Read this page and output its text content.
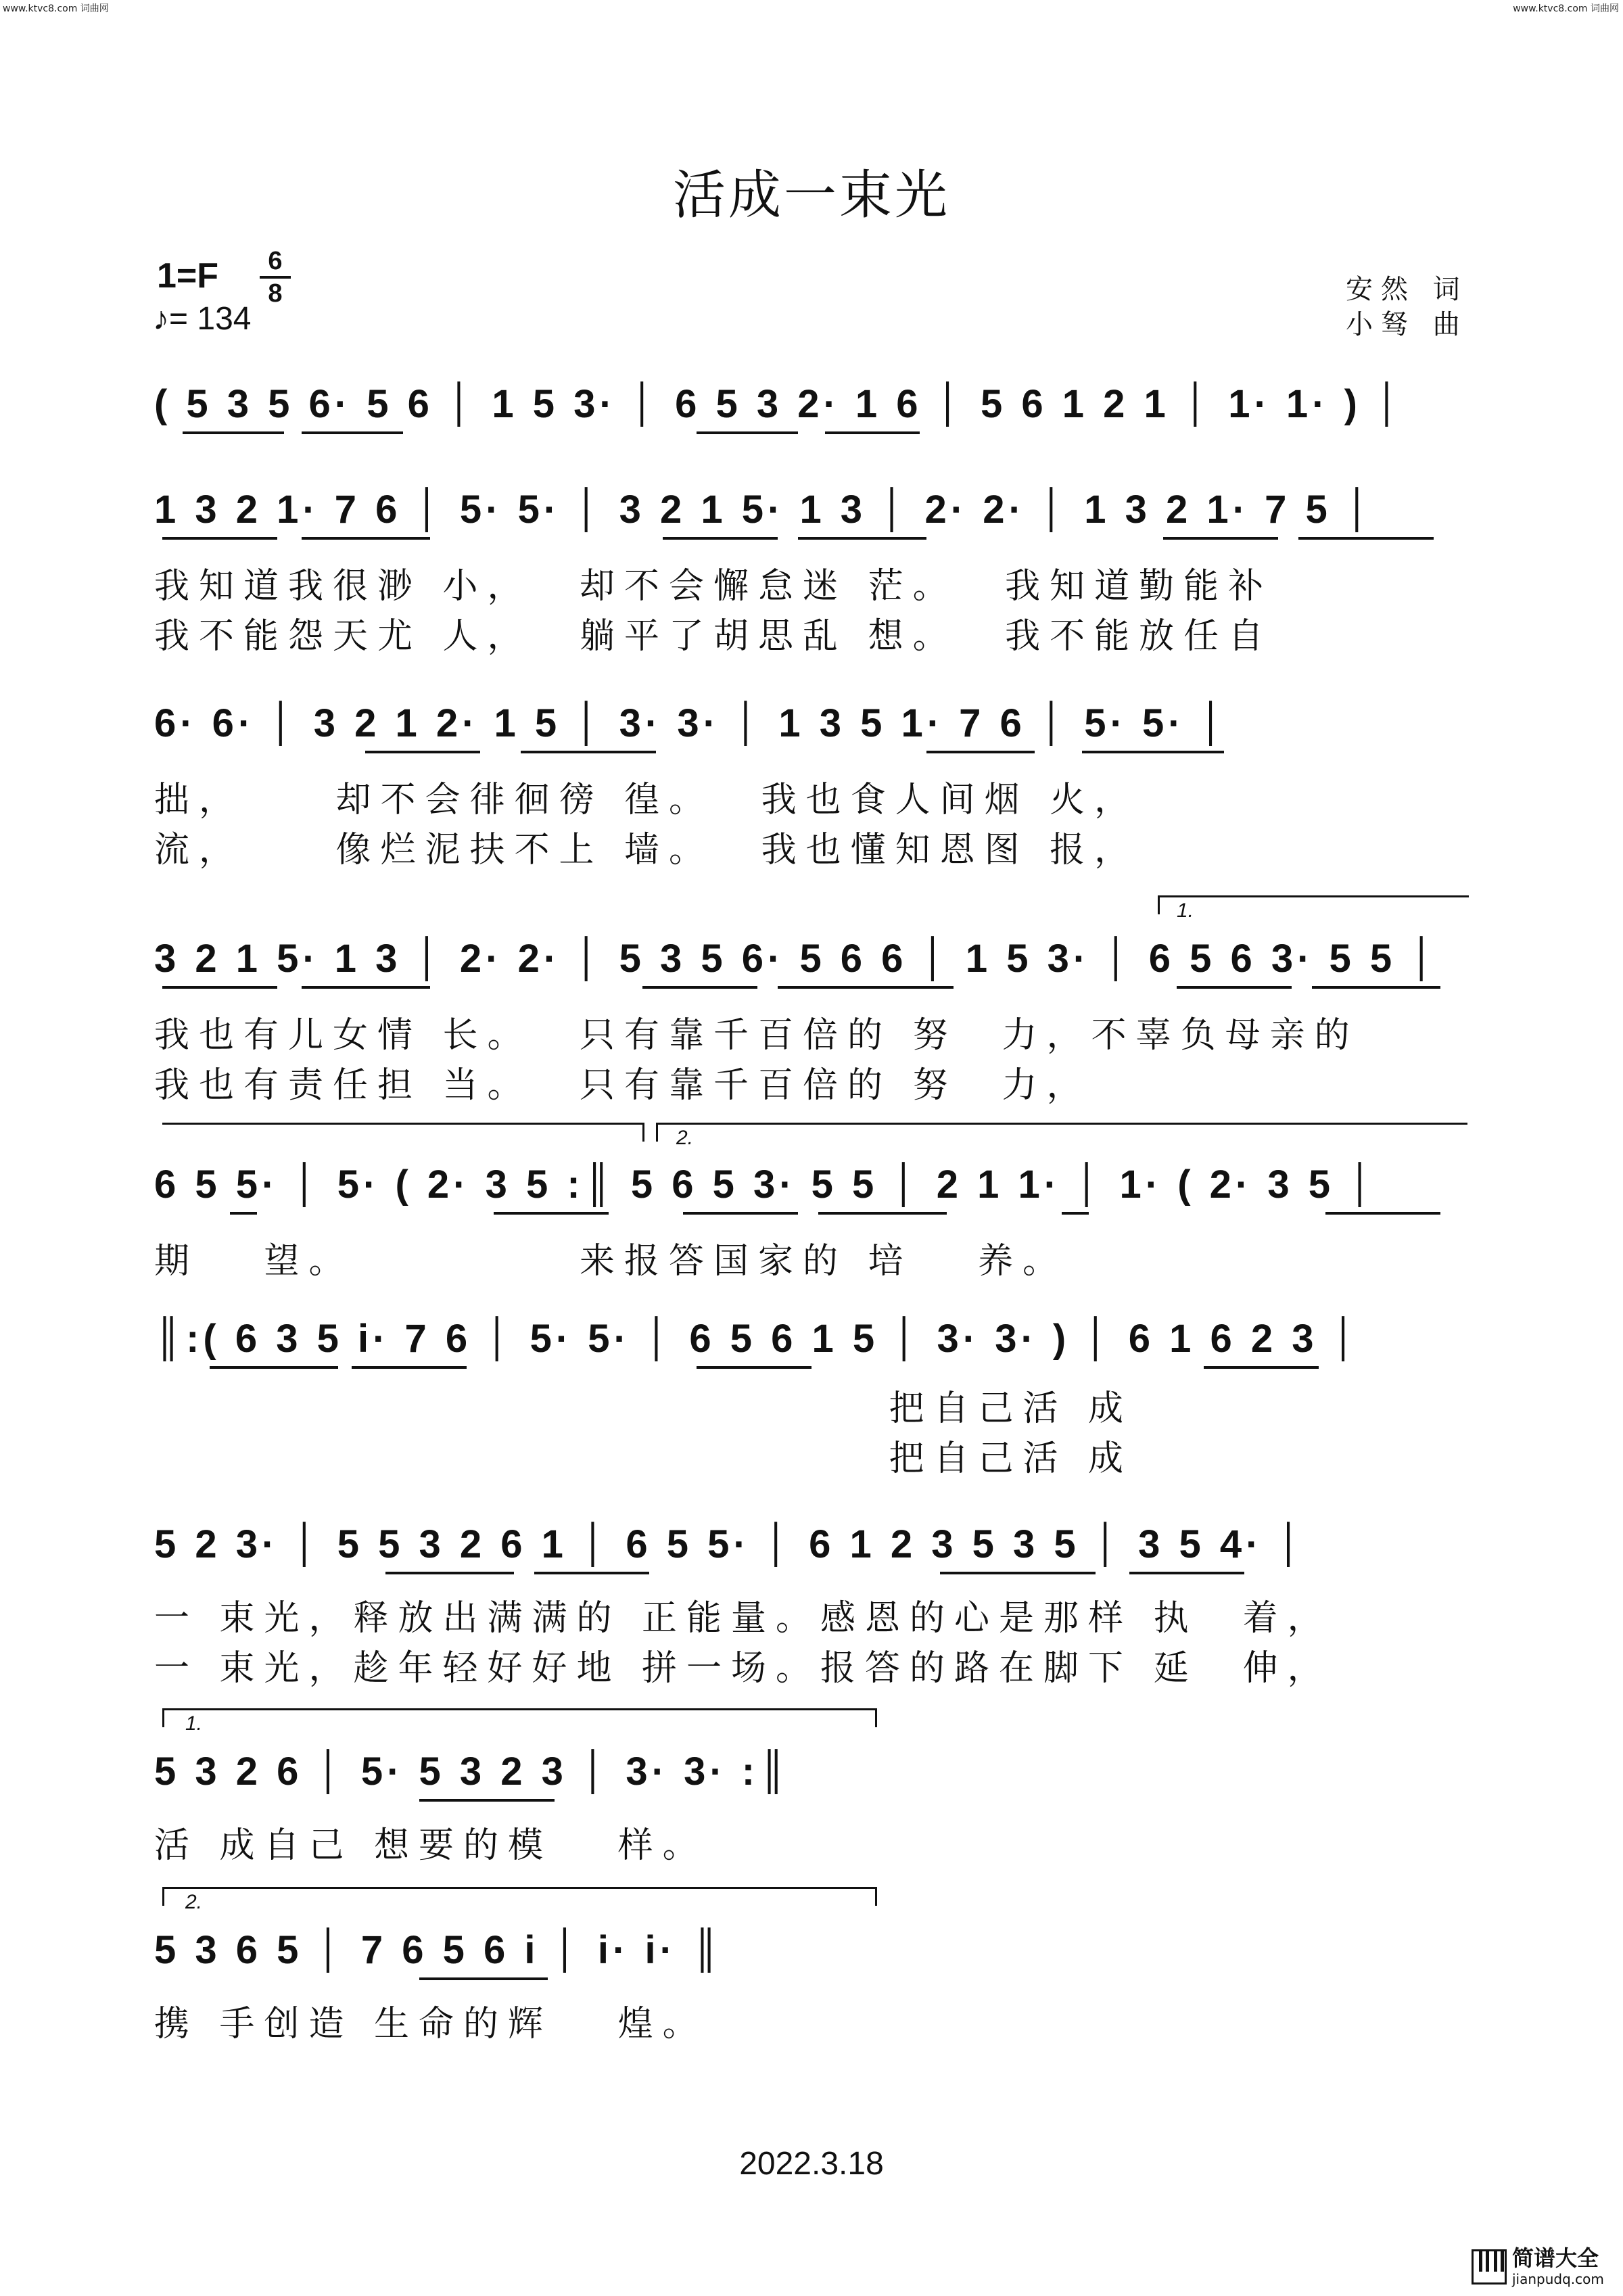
www.ktvc8.com 词曲网	www.ktvc8.com 词曲网
活成一束光
1=F	6
8
♪= 134
安然 词
小驽 曲
( 5 3 5 6· 5 6 │ 1 5 3· │ 6 5 3 2· 1 6 │ 5 6 1 2 1 │ 1· 1· ) │
1 3 2 1· 7 6 │ 5· 5· │ 3 2 1 5· 1 3 │ 2· 2· │ 1 3 2 1· 7 5 │
我知道我很渺 小，　 却不会懈怠迷 茫。　 我知道勤能补
我不能怨天尤 人，　 躺平了胡思乱 想。　 我不能放任自
6· 6· │ 3 2 1 2· 1 5 │ 3· 3· │ 1 3 5 1· 7 6 │ 5· 5· │
拙，　　 却不会徘徊徬 徨。　 我也食人间烟 火，
流，　　 像烂泥扶不上 墙。　 我也懂知恩图 报，
1.
3 2 1 5· 1 3 │ 2· 2· │ 5 3 5 6· 5 6 6 │ 1 5 3· │ 6 5 6 3· 5 5 │
我也有儿女情 长。　 只有靠千百倍的 努　力，不辜负母亲的
我也有责任担 当。　 只有靠千百倍的 努　力，
2.
6 5 5· │ 5· ( 2· 3 5 :║ 5 6 5 3· 5 5 │ 2 1 1· │ 1· ( 2· 3 5 │
期　 望。　　　　　 来报答国家的 培　 养。
║:( 6 3 5 i· 7 6 │ 5· 5· │ 6 5 6 1 5 │ 3· 3· ) │ 6 1 6 2 3 │
　　　　　　　　　　　　　　　　 把自己活 成
　　　　　　　　　　　　　　　　 把自己活 成
5 2 3· │ 5 5 3 2 6 1 │ 6 5 5· │ 6 1 2 3 5 3 5 │ 3 5 4· │
一 束光，释放出满满的 正能量。感恩的心是那样 执　着，
一 束光，趁年轻好好地 拼一场。报答的路在脚下 延　伸，
1.
5 3 2 6 │ 5· 5 3 2 3 │ 3· 3· :║
活 成自己 想要的模　 样。
2.
5 3 6 5 │ 7 6 5 6 i │ i· i· ║
携 手创造 生命的辉　 煌。
2022.3.18
简谱大全
jianpudq.com
